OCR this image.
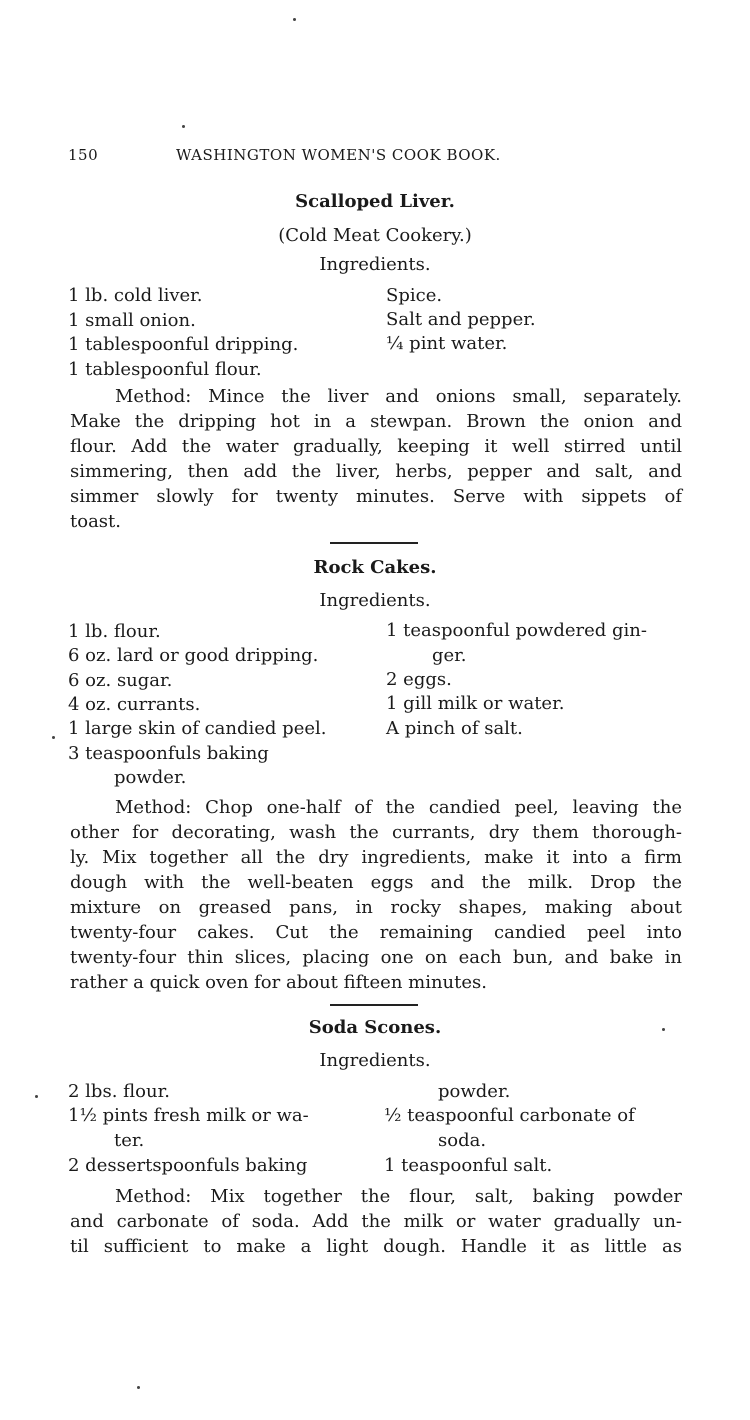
150	WASHINGTON WOMEN'S COOK BOOK.
Scalloped Liver.
(Cold Meat Cookery.)
Ingredients.
1 lb. cold liver.
1 small onion.
1 tablespoonful dripping.
1 tablespoonful flour.
Spice.
Salt and pepper.
¼ pint water.
Method: Mince the liver and onions small, separately.
Make the dripping hot in a stewpan. Brown the onion and
flour. Add the water gradually, keeping it well stirred until
simmering, then add the liver, herbs, pepper and salt, and
simmer slowly for twenty minutes. Serve with sippets of
toast.
Rock Cakes.
Ingredients.
1 lb. flour.
6 oz. lard or good dripping.
6 oz. sugar.
4 oz. currants.
1 large skin of candied peel.
3 teaspoonfuls baking
powder.
1 teaspoonful powdered gin-
ger.
2 eggs.
1 gill milk or water.
A pinch of salt.
Method: Chop one-half of the candied peel, leaving the
other for decorating, wash the currants, dry them thorough-
ly. Mix together all the dry ingredients, make it into a firm
dough with the well-beaten eggs and the milk. Drop the
mixture on greased pans, in rocky shapes, making about
twenty-four cakes. Cut the remaining candied peel into
twenty-four thin slices, placing one on each bun, and bake in
rather a quick oven for about fifteen minutes.
Soda Scones.
Ingredients.
2 lbs. flour.
1½ pints fresh milk or wa-
ter.
2 dessertspoonfuls baking
powder.
½ teaspoonful carbonate of
soda.
1 teaspoonful salt.
Method: Mix together the flour, salt, baking powder
and carbonate of soda. Add the milk or water gradually un-
til sufficient to make a light dough. Handle it as little as
